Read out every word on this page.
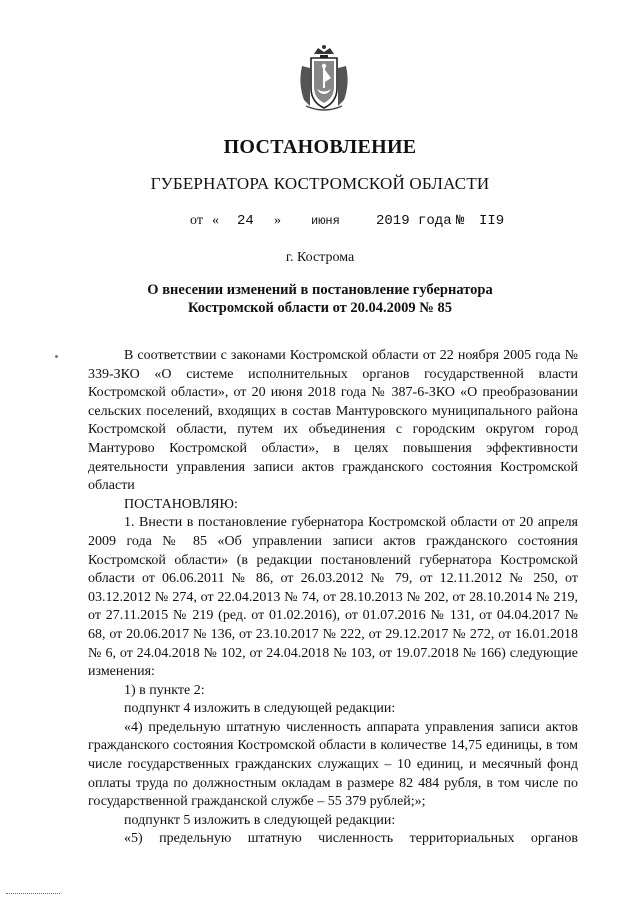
ПОСТАНОВЛЕНИЕ
ГУБЕРНАТОРА КОСТРОМСКОЙ ОБЛАСТИ
от « 24 »	июня	2019 года № II9
г. Кострома
О внесении изменений в постановление губернатора
Костромской области от 20.04.2009 № 85

В соответствии с законами Костромской области от 22 ноября 2005 года № 339-ЗКО «О системе исполнительных органов государственной власти Костромской области», от 20 июня 2018 года № 387-6-ЗКО «О преобразовании сельских поселений, входящих в состав Мантуровского муниципального района Костромской области, путем их объединения с городским округом город Мантурово Костромской области», в целях повышения эффективности деятельности управления записи актов гражданского состояния Костромской области

ПОСТАНОВЛЯЮ:

1. Внести в постановление губернатора Костромской области от 20 апреля 2009 года № 85 «Об управлении записи актов гражданского состояния Костромской области» (в редакции постановлений губернатора Костромской области от 06.06.2011 № 86, от 26.03.2012 № 79, от 12.11.2012 № 250, от 03.12.2012 № 274, от 22.04.2013 № 74, от 28.10.2013 № 202, от 28.10.2014 № 219, от 27.11.2015 № 219 (ред. от 01.02.2016), от 01.07.2016 № 131, от 04.04.2017 № 68, от 20.06.2017 № 136, от 23.10.2017 № 222, от 29.12.2017 № 272, от 16.01.2018 № 6, от 24.04.2018 № 102, от 24.04.2018 № 103, от 19.07.2018 № 166) следующие изменения:

1) в пункте 2:

подпункт 4 изложить в следующей редакции:

«4) предельную штатную численность аппарата управления записи актов гражданского состояния Костромской области в количестве 14,75 единицы, в том числе государственных гражданских служащих – 10 единиц, и месячный фонд оплаты труда по должностным окладам в размере 82 484 рубля, в том числе по государственной гражданской службе – 55 379 рублей;»;

подпункт 5 изложить в следующей редакции:

«5) предельную штатную численность территориальных органов
